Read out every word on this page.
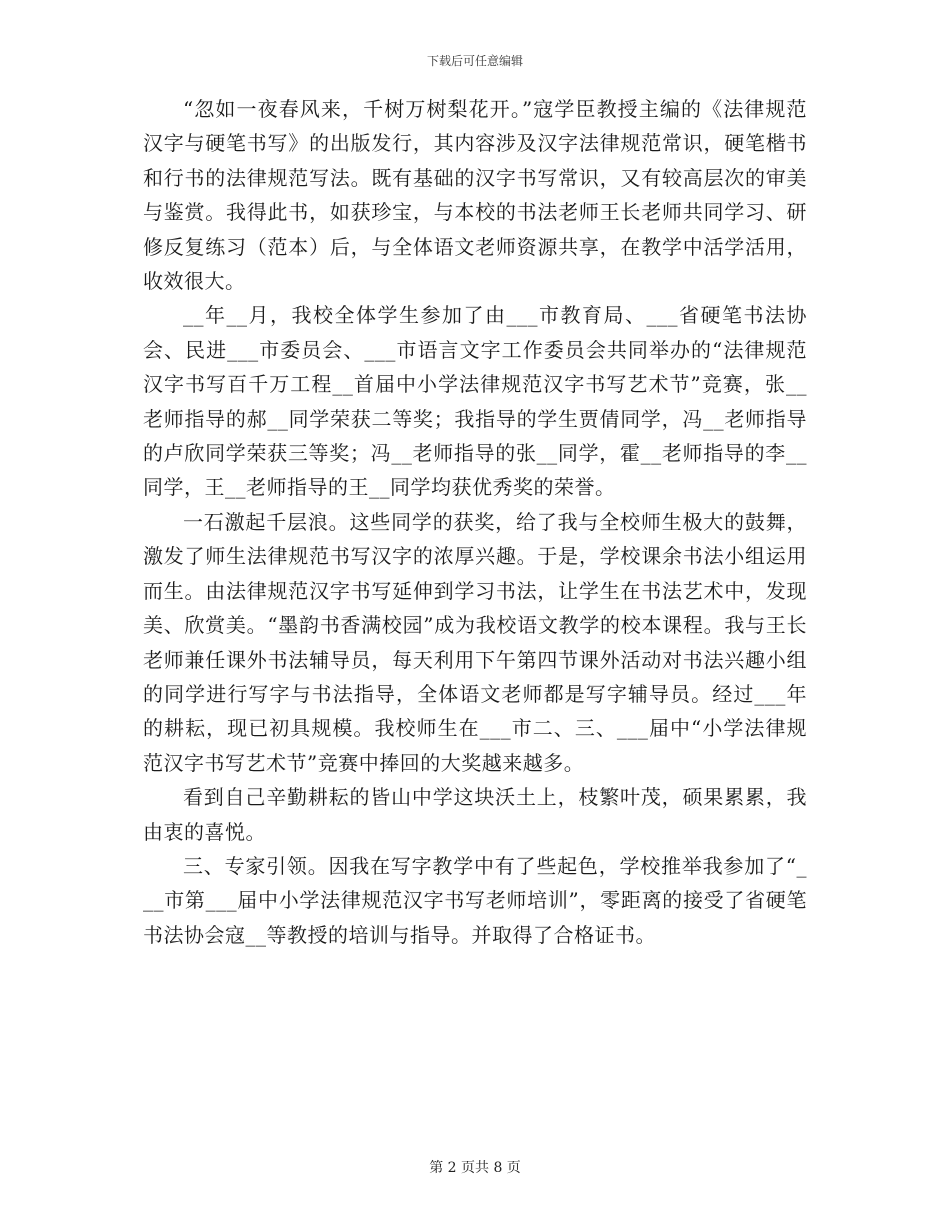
下载后可任意编辑

“忽如一夜春风来，千树万树梨花开。”寇学臣教授主编的《法律规范汉字与硬笔书写》的出版发行，其内容涉及汉字法律规范常识，硬笔楷书和行书的法律规范写法。既有基础的汉字书写常识，又有较高层次的审美与鉴赏。我得此书，如获珍宝，与本校的书法老师王长老师共同学习、研修反复练习（范本）后，与全体语文老师资源共享，在教学中活学活用，收效很大。

__年__月，我校全体学生参加了由___市教育局、___省硬笔书法协会、民进___市委员会、___市语言文字工作委员会共同举办的“法律规范汉字书写百千万工程__首届中小学法律规范汉字书写艺术节”竞赛，张__老师指导的郝__同学荣获二等奖；我指导的学生贾倩同学，冯__老师指导的卢欣同学荣获三等奖；冯__老师指导的张__同学，霍__老师指导的李__同学，王__老师指导的王__同学均获优秀奖的荣誉。

一石激起千层浪。这些同学的获奖，给了我与全校师生极大的鼓舞，激发了师生法律规范书写汉字的浓厚兴趣。于是，学校课余书法小组运用而生。由法律规范汉字书写延伸到学习书法，让学生在书法艺术中，发现美、欣赏美。“墨韵书香满校园”成为我校语文教学的校本课程。我与王长老师兼任课外书法辅导员，每天利用下午第四节课外活动对书法兴趣小组的同学进行写字与书法指导，全体语文老师都是写字辅导员。经过___年的耕耘，现已初具规模。我校师生在___市二、三、___届中“小学法律规范汉字书写艺术节”竞赛中捧回的大奖越来越多。

看到自己辛勤耕耘的皆山中学这块沃土上，枝繁叶茂，硕果累累，我由衷的喜悦。

三、专家引领。因我在写字教学中有了些起色，学校推举我参加了“___市第___届中小学法律规范汉字书写老师培训”，零距离的接受了省硬笔书法协会寇__等教授的培训与指导。并取得了合格证书。

第 2 页共 8 页
